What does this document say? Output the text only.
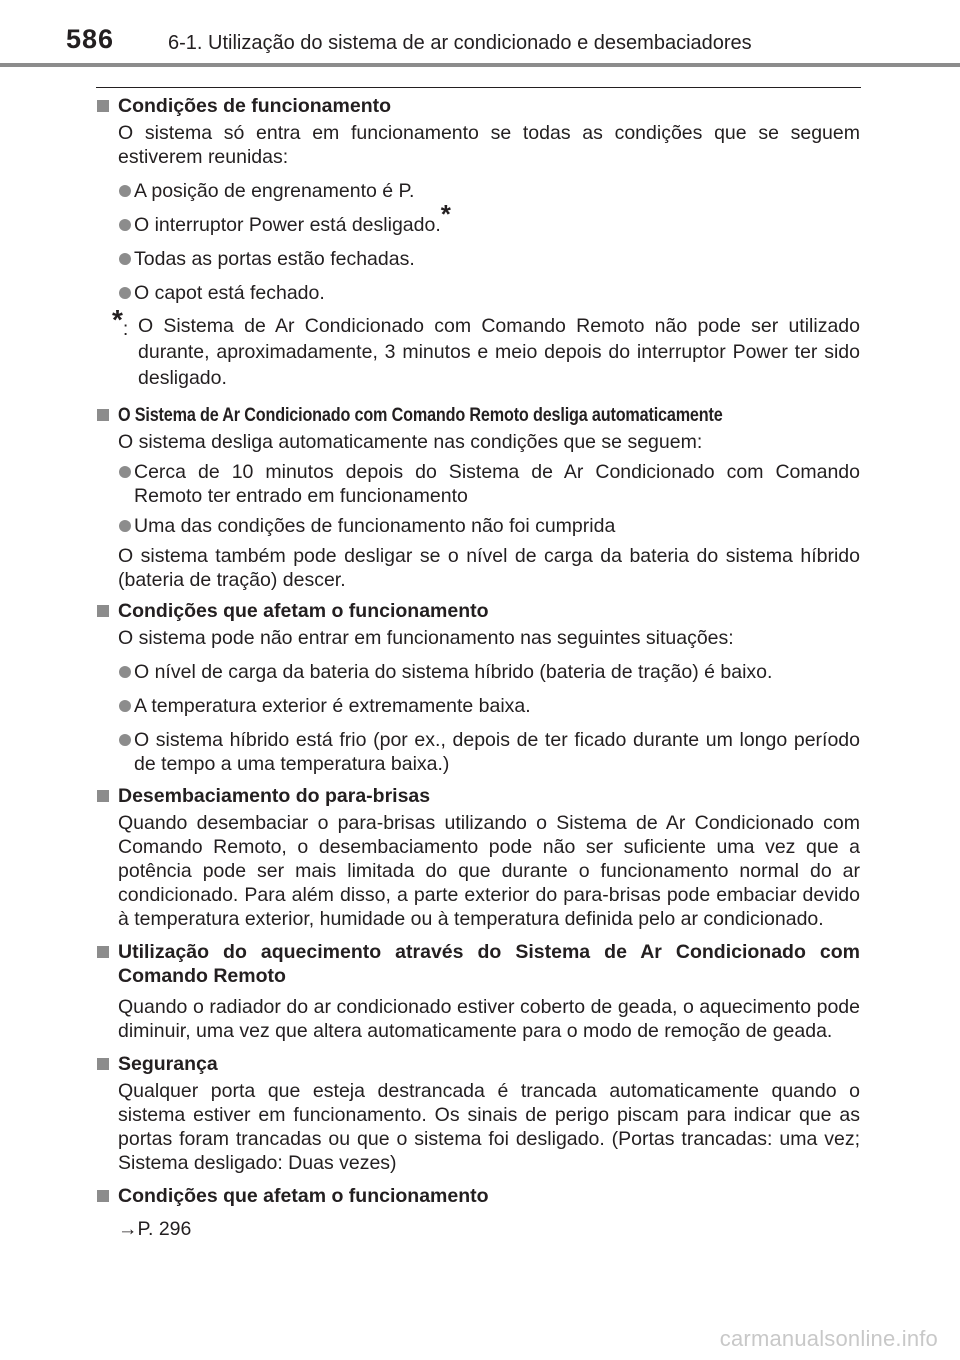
586	6-1. Utilização do sistema de ar condicionado e desembaciadores
Condições de funcionamento
O sistema só entra em funcionamento se todas as condições que se seguem estiverem reunidas:
A posição de engrenamento é P.
O interruptor Power está desligado.*
Todas as portas estão fechadas.
O capot está fechado.
*: O Sistema de Ar Condicionado com Comando Remoto não pode ser utilizado durante, aproximadamente, 3 minutos e meio depois do interruptor Power ter sido desligado.
O Sistema de Ar Condicionado com Comando Remoto desliga automaticamente
O sistema desliga automaticamente nas condições que se seguem:
Cerca de 10 minutos depois do Sistema de Ar Condicionado com Comando Remoto ter entrado em funcionamento
Uma das condições de funcionamento não foi cumprida
O sistema também pode desligar se o nível de carga da bateria do sistema híbrido (bateria de tração) descer.
Condições que afetam o funcionamento
O sistema pode não entrar em funcionamento nas seguintes situações:
O nível de carga da bateria do sistema híbrido (bateria de tração) é baixo.
A temperatura exterior é extremamente baixa.
O sistema híbrido está frio (por ex., depois de ter ficado durante um longo período de tempo a uma temperatura baixa.)
Desembaciamento do para-brisas
Quando desembaciar o para-brisas utilizando o Sistema de Ar Condicionado com Comando Remoto, o desembaciamento pode não ser suficiente uma vez que a potência pode ser mais limitada do que durante o funcionamento normal do ar condicionado. Para além disso, a parte exterior do para-brisas pode embaciar devido à temperatura exterior, humidade ou à temperatura definida pelo ar condicionado.
Utilização do aquecimento através do Sistema de Ar Condicionado com Comando Remoto
Quando o radiador do ar condicionado estiver coberto de geada, o aquecimento pode diminuir, uma vez que altera automaticamente para o modo de remoção de geada.
Segurança
Qualquer porta que esteja destrancada é trancada automaticamente quando o sistema estiver em funcionamento. Os sinais de perigo piscam para indicar que as portas foram trancadas ou que o sistema foi desligado. (Portas trancadas: uma vez; Sistema desligado: Duas vezes)
Condições que afetam o funcionamento
→P. 296
carmanualsonline.info
